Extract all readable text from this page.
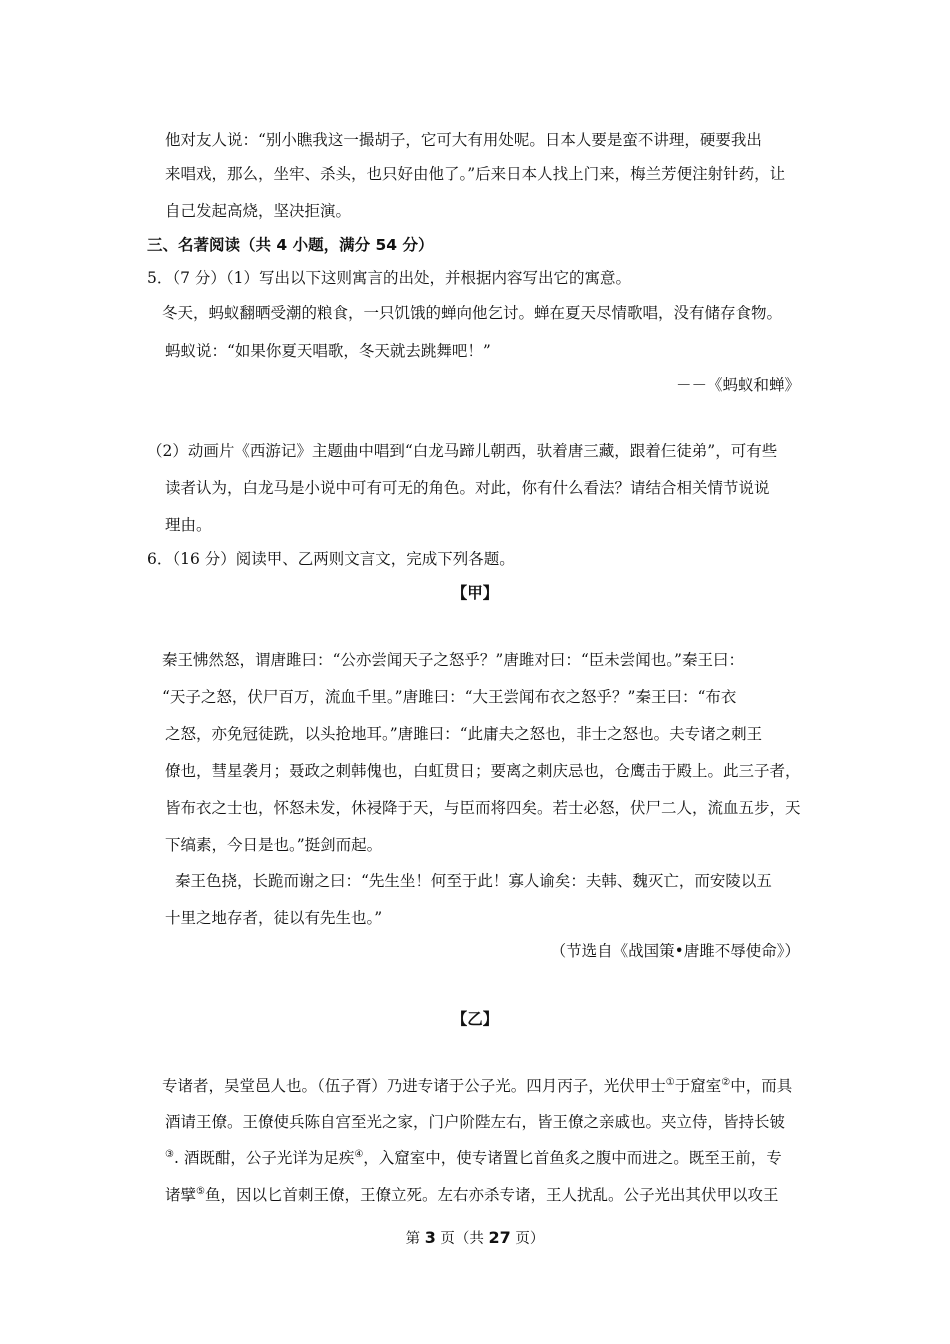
他对友人说：“别小瞧我这一撮胡子，它可大有用处呢。日本人要是蛮不讲理，硬要我出
来唱戏，那么，坐牢、杀头，也只好由他了。”后来日本人找上门来，梅兰芳便注射针药，让
自己发起高烧，坚决拒演。
三、名著阅读（共 4 小题，满分 54 分）
5．（7 分）（1）写出以下这则寓言的出处，并根据内容写出它的寓意。
冬天，蚂蚁翻晒受潮的粮食，一只饥饿的蝉向他乞讨。蝉在夏天尽情歌唱，没有储存食物。
蚂蚁说：“如果你夏天唱歌，冬天就去跳舞吧！”
－－《蚂蚁和蝉》
（2）动画片《西游记》主题曲中唱到“白龙马蹄儿朝西，驮着唐三藏，跟着仨徒弟”，可有些
读者认为，白龙马是小说中可有可无的角色。对此，你有什么看法？请结合相关情节说说
理由。
6．（16 分）阅读甲、乙两则文言文，完成下列各题。
【甲】
秦王怫然怒，谓唐雎曰：“公亦尝闻天子之怒乎？”唐雎对曰：“臣未尝闻也。”秦王曰：
“天子之怒，伏尸百万，流血千里。”唐雎曰：“大王尝闻布衣之怒乎？”秦王曰：“布衣
之怒，亦免冠徒跣，以头抢地耳。”唐雎曰：“此庸夫之怒也，非士之怒也。夫专诸之刺王
僚也，彗星袭月；聂政之刺韩傀也，白虹贯日；要离之刺庆忌也，仓鹰击于殿上。此三子者，
皆布衣之士也，怀怒未发，休祲降于天，与臣而将四矣。若士必怒，伏尸二人，流血五步，天
下缟素，今日是也。”挺剑而起。
秦王色挠，长跪而谢之曰：“先生坐！何至于此！寡人谕矣：夫韩、魏灭亡，而安陵以五
十里之地存者，徒以有先生也。”
（节选自《战国策•唐雎不辱使命》）
【乙】
专诸者，吴堂邑人也。（伍子胥）乃进专诸于公子光。四月丙子，光伏甲士①于窟室②中，而具
酒请王僚。王僚使兵陈自宫至光之家，门户阶陛左右，皆王僚之亲戚也。夹立侍，皆持长铍
③. 酒既酣，公子光详为足疾④，入窟室中，使专诸置匕首鱼炙之腹中而进之。既至王前，专
诸擘⑤鱼，因以匕首刺王僚，王僚立死。左右亦杀专诸，王人扰乱。公子光出其伏甲以攻王
第 3 页（共 27 页）
